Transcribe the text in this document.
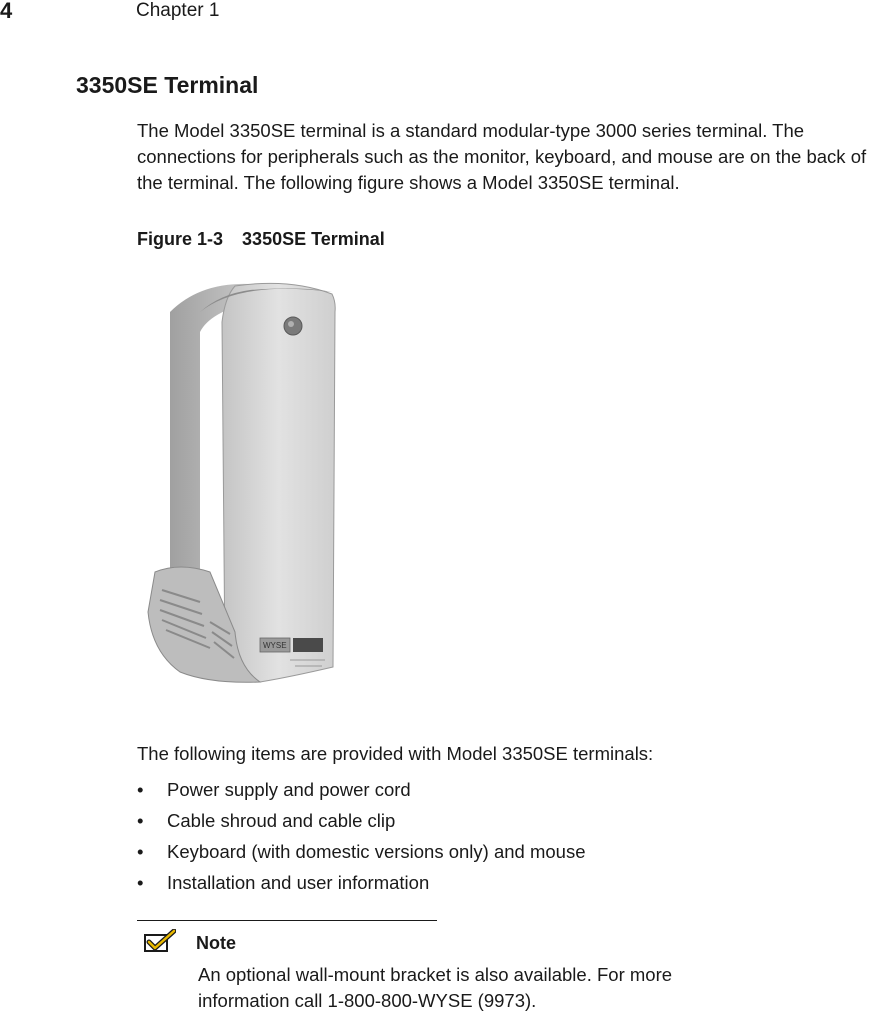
4	Chapter 1
3350SE Terminal

The Model 3350SE terminal is a standard modular-type 3000 series terminal. The connections for peripherals such as the monitor, keyboard, and mouse are on the back of the terminal. The following figure shows a Model 3350SE terminal.

Figure 1-3 3350SE Terminal
WYSE

The following items are provided with Model 3350SE terminals:

• Power supply and power cord
• Cable shroud and cable clip
• Keyboard (with domestic versions only) and mouse
• Installation and user information
Note

An optional wall-mount bracket is also available. For more information call 1-800-800-WYSE (9973).
